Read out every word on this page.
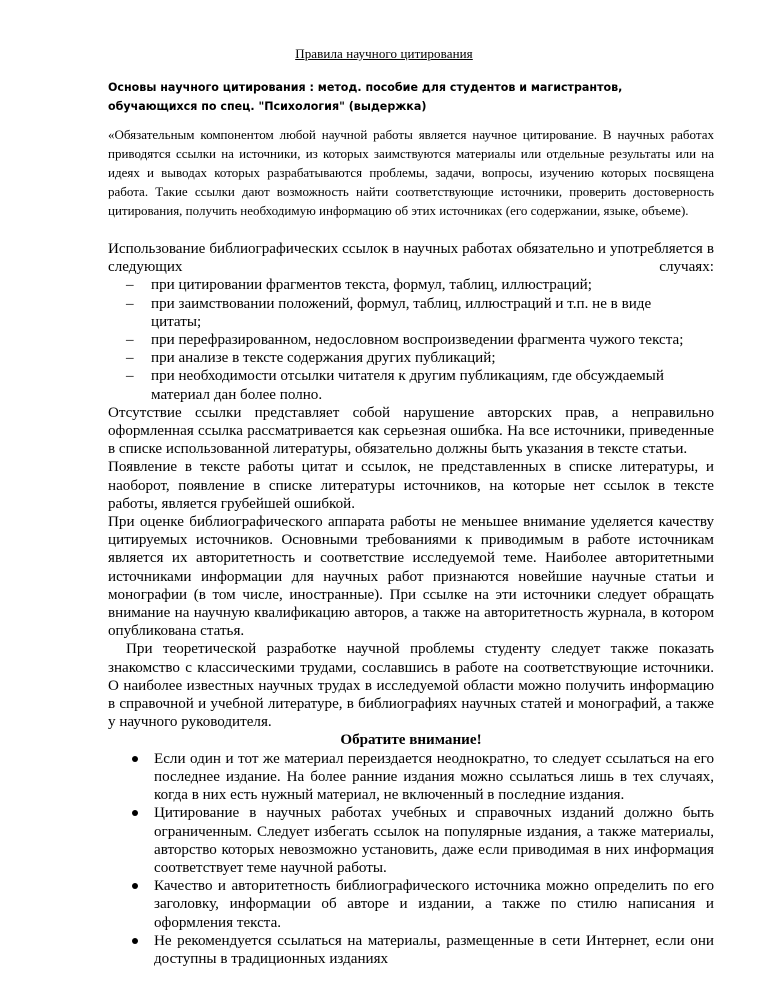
Правила научного цитирования
Основы научного цитирования : метод. пособие для студентов и магистрантов, обучающихся по спец. "Психология" (выдержка)
«Обязательным компонентом любой научной работы является научное цитирование. В научных работах приводятся ссылки на источники, из которых заимствуются материалы или отдельные результаты или на идеях и выводах которых разрабатываются проблемы, задачи, вопросы, изучению которых посвящена работа. Такие ссылки дают возможность найти соответствующие источники, проверить достоверность цитирования, получить необходимую информацию об этих источниках (его содержании, языке, объеме).

Использование библиографических ссылок в научных работах обязательно и употребляется в следующих случаях:

– при цитировании фрагментов текста, формул, таблиц, иллюстраций;
– при заимствовании положений, формул, таблиц, иллюстраций и т.п. не в виде цитаты;
– при перефразированном, недословном воспроизведении фрагмента чужого текста;
– при анализе в тексте содержания других публикаций;
– при необходимости отсылки читателя к другим публикациям, где обсуждаемый материал дан более полно.

Отсутствие ссылки представляет собой нарушение авторских прав, а неправильно оформленная ссылка рассматривается как серьезная ошибка. На все источники, приведенные в списке использованной литературы, обязательно должны быть указания в тексте статьи.

Появление в тексте работы цитат и ссылок, не представленных в списке литературы, и наоборот, появление в списке литературы источников, на которые нет ссылок в тексте работы, является грубейшей ошибкой.

При оценке библиографического аппарата работы не меньшее внимание уделяется качеству цитируемых источников. Основными требованиями к приводимым в работе источникам является их авторитетность и соответствие исследуемой теме. Наиболее авторитетными источниками информации для научных работ признаются новейшие научные статьи и монографии (в том числе, иностранные). При ссылке на эти источники следует обращать внимание на научную квалификацию авторов, а также на авторитетность журнала, в котором опубликована статья.

При теоретической разработке научной проблемы студенту следует также показать знакомство с классическими трудами, сославшись в работе на соответствующие источники. О наиболее известных научных трудах в исследуемой области можно получить информацию в справочной и учебной литературе, в библиографиях научных статей и монографий, а также у научного руководителя.

Обратите внимание!

Если один и тот же материал переиздается неоднократно, то следует ссылаться на его последнее издание. На более ранние издания можно ссылаться лишь в тех случаях, когда в них есть нужный материал, не включенный в последние издания.
Цитирование в научных работах учебных и справочных изданий должно быть ограниченным. Следует избегать ссылок на популярные издания, а также материалы, авторство которых невозможно установить, даже если приводимая в них информация соответствует теме научной работы.
Качество и авторитетность библиографического источника можно определить по его заголовку, информации об авторе и издании, а также по стилю написания и оформления текста.
Не рекомендуется ссылаться на материалы, размещенные в сети Интернет, если они доступны в традиционных изданиях
